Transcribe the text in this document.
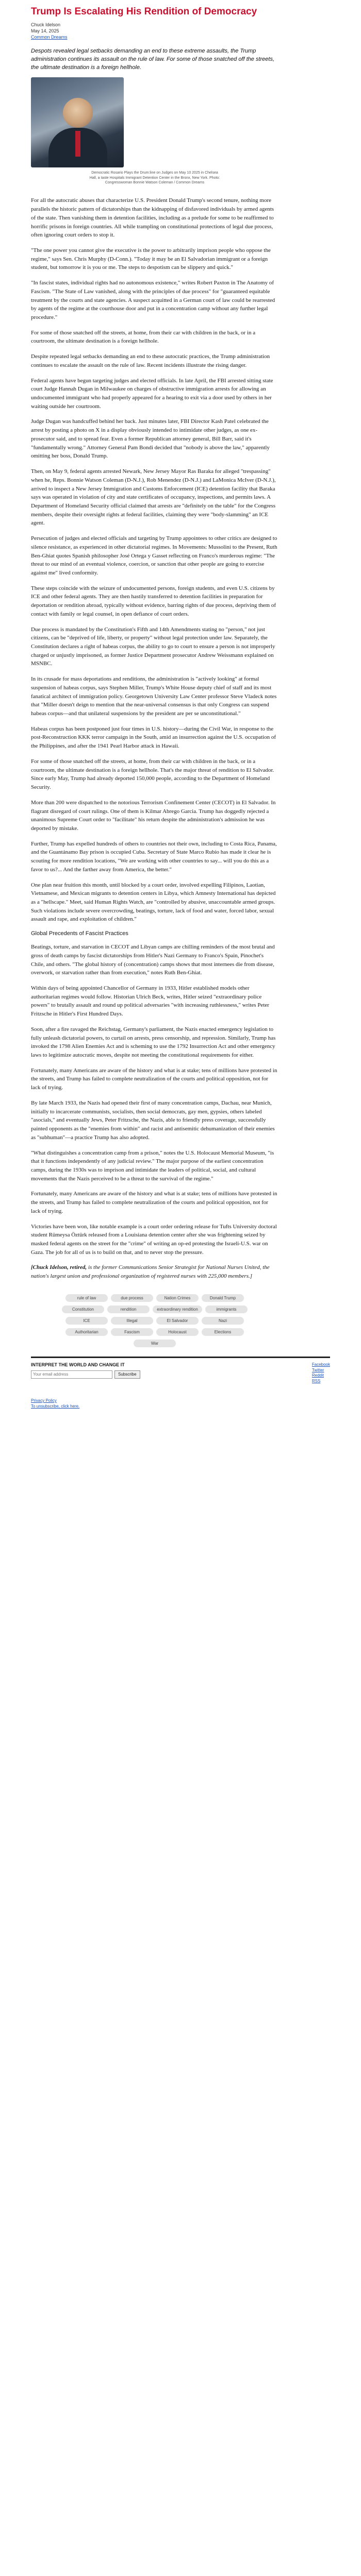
Trump Is Escalating His Rendition of Democracy
Chuck Idelson
May 14, 2025
Common Dreams
Despots revealed legal setbacks demanding an end to these extreme assaults, the Trump administration continues its assault on the rule of law. For some of those snatched off the streets, the ultimate destination is a foreign hellhole.
Democratic Rosario Plays the Drum:line on Judges on May 10 2025 in Chelsea Hall, a taste Hospitals Immigrant Detention Center in the Bronx, New York. Photo: Congresswoman Bonnie Watson Coleman / Common Dreams

For all the autocratic abuses that characterize U.S. President Donald Trump's second tenure, nothing more parallels the historic pattern of dictatorships than the kidnapping of disfavored individuals by armed agents of the state. Then vanishing them in detention facilities, including as a prelude for some to be reaffirmed to horrific prisons in foreign countries. All while trampling on constitutional protections of legal due process, often ignoring court orders to stop it.

"The one power you cannot give the executive is the power to arbitrarily imprison people who oppose the regime," says Sen. Chris Murphy (D-Conn.). "Today it may be an El Salvadorian immigrant or a foreign student, but tomorrow it is you or me. The steps to despotism can be slippery and quick."

"In fascist states, individual rights had no autonomous existence," writes Robert Paxton in The Anatomy of Fascism. "The State of Law vanished, along with the principles of due process" for "guaranteed equitable treatment by the courts and state agencies. A suspect acquitted in a German court of law could be rearrested by agents of the regime at the courthouse door and put in a concentration camp without any further legal procedure."

For some of those snatched off the streets, at home, from their car with children in the back, or in a courtroom, the ultimate destination is a foreign hellhole.

Despite repeated legal setbacks demanding an end to these autocratic practices, the Trump administration continues to escalate the assault on the rule of law. Recent incidents illustrate the rising danger.

Federal agents have begun targeting judges and elected officials. In late April, the FBI arrested sitting state court Judge Hannah Dugan in Milwaukee on charges of obstructive immigration arrests for allowing an undocumented immigrant who had properly appeared for a hearing to exit via a door used by others in her waiting outside her courtroom.

Judge Dugan was handcuffed behind her back. Just minutes later, FBI Director Kash Patel celebrated the arrest by posting a photo on X in a display obviously intended to intimidate other judges, as one ex-prosecutor said, and to spread fear. Even a former Republican attorney general, Bill Barr, said it's "fundamentally wrong." Attorney General Pam Bondi decided that "nobody is above the law," apparently omitting her boss, Donald Trump.

Then, on May 9, federal agents arrested Newark, New Jersey Mayor Ras Baraka for alleged "trespassing" when he, Reps. Bonnie Watson Coleman (D-N.J.), Rob Menendez (D-N.J.) and LaMonica McIver (D-N.J.), arrived to inspect a New Jersey Immigration and Customs Enforcement (ICE) detention facility that Baraka says was operated in violation of city and state certificates of occupancy, inspections, and permits laws. A Department of Homeland Security official claimed that arrests are "definitely on the table" for the Congress members, despite their oversight rights at federal facilities, claiming they were "body-slamming" an ICE agent.

Persecution of judges and elected officials and targeting by Trump appointees to other critics are designed to silence resistance, as experienced in other dictatorial regimes. In Movements: Mussolini to the Present, Ruth Ben-Ghiat quotes Spanish philosopher José Ortega y Gasset reflecting on Franco's murderous regime: "The threat to our mind of an eventual violence, coercion, or sanction that other people are going to exercise against me" lived conformity.

These steps coincide with the seizure of undocumented persons, foreign students, and even U.S. citizens by ICE and other federal agents. They are then hastily transferred to detention facilities in preparation for deportation or rendition abroad, typically without evidence, barring rights of due process, depriving them of contact with family or legal counsel, in open defiance of court orders.

Due process is mandated by the Constitution's Fifth and 14th Amendments stating no "person," not just citizens, can be "deprived of life, liberty, or property" without legal protection under law. Separately, the Constitution declares a right of habeas corpus, the ability to go to court to ensure a person is not improperly charged or unjustly imprisoned, as former Justice Department prosecutor Andrew Weissmann explained on MSNBC.

In its crusade for mass deportations and renditions, the administration is "actively looking" at formal suspension of habeas corpus, says Stephen Miller, Trump's White House deputy chief of staff and its most fanatical architect of immigration policy. Georgetown University Law Center professor Steve Vladeck notes that "Miller doesn't deign to mention that the near-universal consensus is that only Congress can suspend habeas corpus—and that unilateral suspensions by the president are per se unconstitutional."

Habeas corpus has been postponed just four times in U.S. history—during the Civil War, in response to the post-Reconstruction KKK terror campaign in the South, amid an insurrection against the U.S. occupation of the Philippines, and after the 1941 Pearl Harbor attack in Hawaii.

For some of those snatched off the streets, at home, from their car with children in the back, or in a courtroom, the ultimate destination is a foreign hellhole. That's the major threat of rendition to El Salvador. Since early May, Trump had already deported 150,000 people, according to the Department of Homeland Security.

More than 200 were dispatched to the notorious Terrorism Confinement Center (CECOT) in El Salvador. In flagrant disregard of court rulings. One of them is Kilmar Abrego Garcia. Trump has doggedly rejected a unanimous Supreme Court order to "facilitate" his return despite the administration's admission he was deported by mistake.

Further, Trump has expelled hundreds of others to countries not their own, including to Costa Rica, Panama, and the Guantánamo Bay prison is occupied Cuba. Secretary of State Marco Rubio has made it clear he is scouting for more rendition locations, "We are working with other countries to say... will you do this as a favor to us?... And the farther away from America, the better."

One plan near fruition this month, until blocked by a court order, involved expelling Filipinos, Laotian, Vietnamese, and Mexican migrants to detention centers in Libya, which Amnesty International has depicted as a "hellscape." Meet, said Human Rights Watch, are "controlled by abusive, unaccountable armed groups. Such violations include severe overcrowding, beatings, torture, lack of food and water, forced labor, sexual assault and rape, and exploitation of children."

Global Precedents of Fascist Practices

Beatings, torture, and starvation in CECOT and Libyan camps are chilling reminders of the most brutal and gross of death camps by fascist dictatorships from Hitler's Nazi Germany to Franco's Spain, Pinochet's Chile, and others. "The global history of (concentration) camps shows that most internees die from disease, overwork, or starvation rather than from execution," notes Ruth Ben-Ghiat.

Within days of being appointed Chancellor of Germany in 1933, Hitler established models other authoritarian regimes would follow. Historian Ulrich Beck, writes, Hitler seized "extraordinary police powers" to brutally assault and round up political adversaries "with increasing ruthlessness," writes Peter Fritzsche in Hitler's First Hundred Days.

Soon, after a fire ravaged the Reichstag, Germany's parliament, the Nazis enacted emergency legislation to fully unleash dictatorial powers, to curtail on arrests, press censorship, and repression. Similarly, Trump has invoked the 1798 Alien Enemies Act and is scheming to use the 1792 Insurrection Act and other emergency laws to legitimize autocratic moves, despite not meeting the constitutional requirements for either.

Fortunately, many Americans are aware of the history and what is at stake; tens of millions have protested in the streets, and Trump has failed to complete neutralization of the courts and political opposition, not for lack of trying.

By late March 1933, the Nazis had opened their first of many concentration camps, Dachau, near Munich, initially to incarcerate communists, socialists, then social democrats, gay men, gypsies, others labeled "asocials," and eventually Jews, Peter Fritzsche, the Nazis, able to friendly press coverage, successfully painted opponents as the "enemies from within" and racist and antisemitic dehumanization of their enemies as "subhuman"—a practice Trump has also adopted.

"What distinguishes a concentration camp from a prison," notes the U.S. Holocaust Memorial Museum, "is that it functions independently of any judicial review." The major purpose of the earliest concentration camps, during the 1930s was to imprison and intimidate the leaders of political, social, and cultural movements that the Nazis perceived to be a threat to the survival of the regime."

Fortunately, many Americans are aware of the history and what is at stake; tens of millions have protested in the streets, and Trump has failed to complete neutralization of the courts and political opposition, not for lack of trying.

Victories have been won, like notable example is a court order ordering release for Tufts University doctoral student Rümeysa Öztürk released from a Louisiana detention center after she was frightening seized by masked federal agents on the street for the "crime" of writing an op-ed protesting the Israeli-U.S. war on Gaza. The job for all of us is to build on that, and to never stop the pressure.

[Chuck Idelson, retired, is the former Communications Senior Strategist for National Nurses United, the nation's largest union and professional organization of registered nurses with 225,000 members.]

rule of law	due process	Nation Crimes	Donald Trump
Constitution	rendition	extraordinary rendition	immigrants
ICE	Illegal	El Salvador	Nazi
Authoritarian	Fascism	Holocaust	Elections
War
INTERPRET THE WORLD AND CHANGE IT
Your email address
Subscribe
Facebook
Twitter
Reddit
RSS
Privacy Policy
To unsubscribe, click here.
